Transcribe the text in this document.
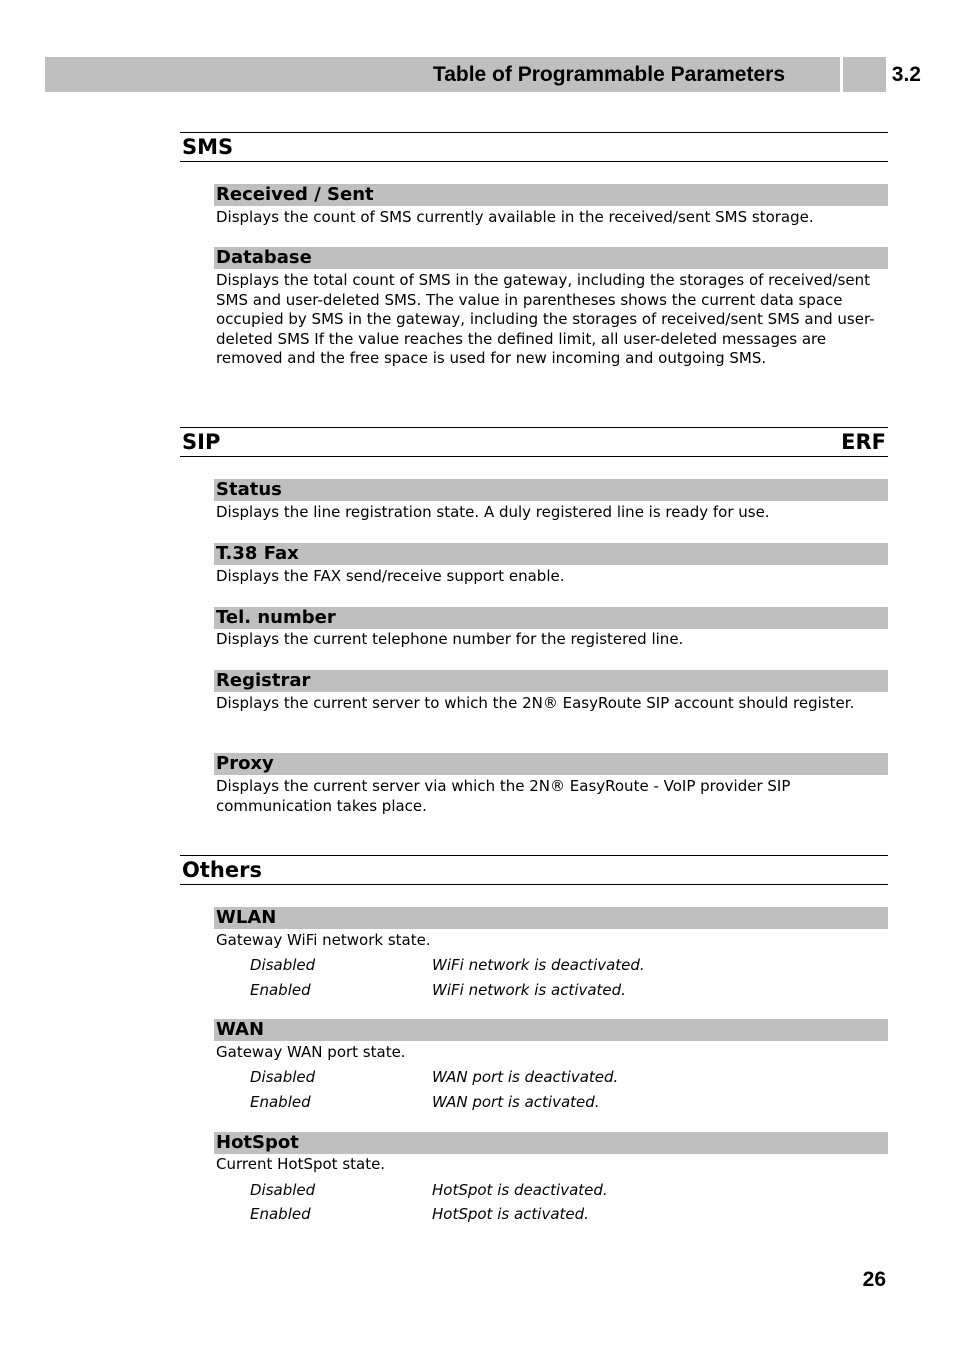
Table of Programmable Parameters	3.2
SMS
Received / Sent

Displays the count of SMS currently available in the received/sent SMS storage.

Database

Displays the total count of SMS in the gateway, including the storages of received/sent SMS and user-deleted SMS. The value in parentheses shows the current data space occupied by SMS in the gateway, including the storages of received/sent SMS and user-deleted SMS If the value reaches the defined limit, all user-deleted messages are removed and the free space is used for new incoming and outgoing SMS.

SIP	ERF
Status

Displays the line registration state. A duly registered line is ready for use.

T.38 Fax

Displays the FAX send/receive support enable.

Tel. number

Displays the current telephone number for the registered line.

Registrar

Displays the current server to which the 2N® EasyRoute SIP account should register.

Proxy

Displays the current server via which the 2N® EasyRoute - VoIP provider SIP communication takes place.

Others
WLAN

Gateway WiFi network state.

Disabled	WiFi network is deactivated.
Enabled	WiFi network is activated.
WAN

Gateway WAN port state.

Disabled	WAN port is deactivated.
Enabled	WAN port is activated.
HotSpot

Current HotSpot state.

Disabled	HotSpot is deactivated.
Enabled	HotSpot is activated.
26
